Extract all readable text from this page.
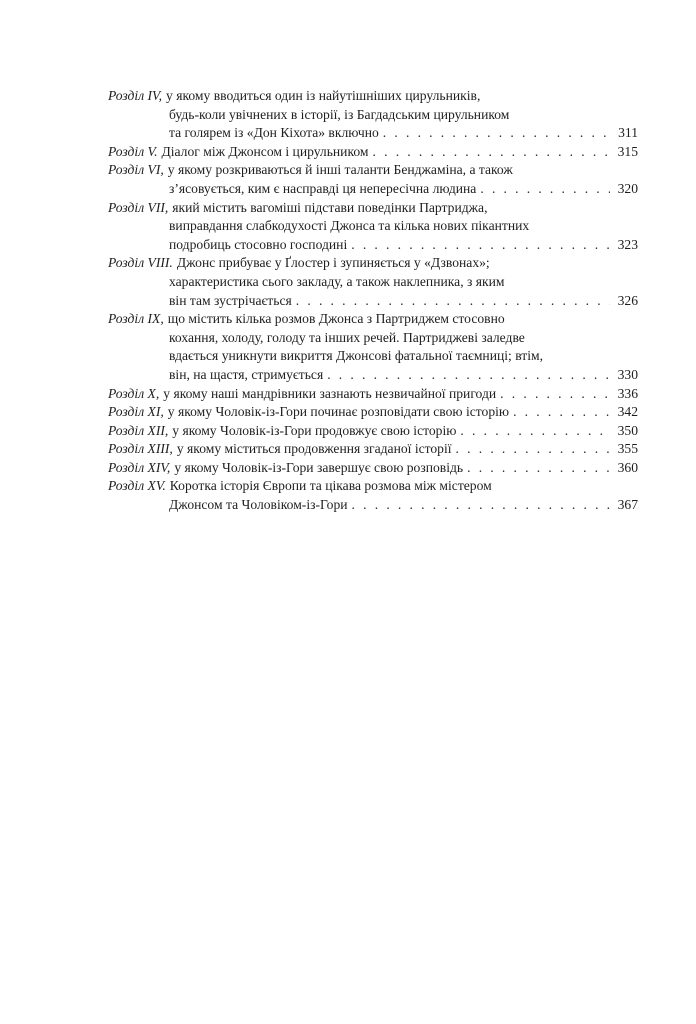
Розділ IV, у якому вводиться один із найутішніших цирульників,
будь-коли увічнених в історії, із Багдадським цирульником
та голярем із «Дон Кіхота» включно . . .	311
Розділ V. Діалог між Джонсом і цирульником . . .	315
Розділ VI, у якому розкриваються й інші таланти Бенджаміна, а також
з’ясовується, ким є насправді ця непересічна людина . . .	320
Розділ VII, який містить вагоміші підстави поведінки Партриджа,
виправдання слабкодухості Джонса та кілька нових пікантних
подробиць стосовно господині . . .	323
Розділ VIII. Джонс прибуває у Ґлостер і зупиняється у «Дзвонах»;
характеристика сього закладу, а також наклепника, з яким
він там зустрічається . . .	326
Розділ IX, що містить кілька розмов Джонса з Партриджем стосовно
кохання, холоду, голоду та інших речей. Партриджеві заледве
вдається уникнути викриття Джонсові фатальної таємниці; втім,
він, на щастя, стримується . . .	330
Розділ X, у якому наші мандрівники зазнають незвичайної пригоди . . .	336
Розділ XI, у якому Чоловік-із-Гори починає розповідати свою історію . . .	342
Розділ XII, у якому Чоловік-із-Гори продовжує свою історію . . .	350
Розділ XIII, у якому міститься продовження згаданої історії . . .	355
Розділ XIV, у якому Чоловік-із-Гори завершує свою розповідь . . .	360
Розділ XV. Коротка історія Європи та цікава розмова між містером
Джонсом та Чоловіком-із-Гори . . .	367
